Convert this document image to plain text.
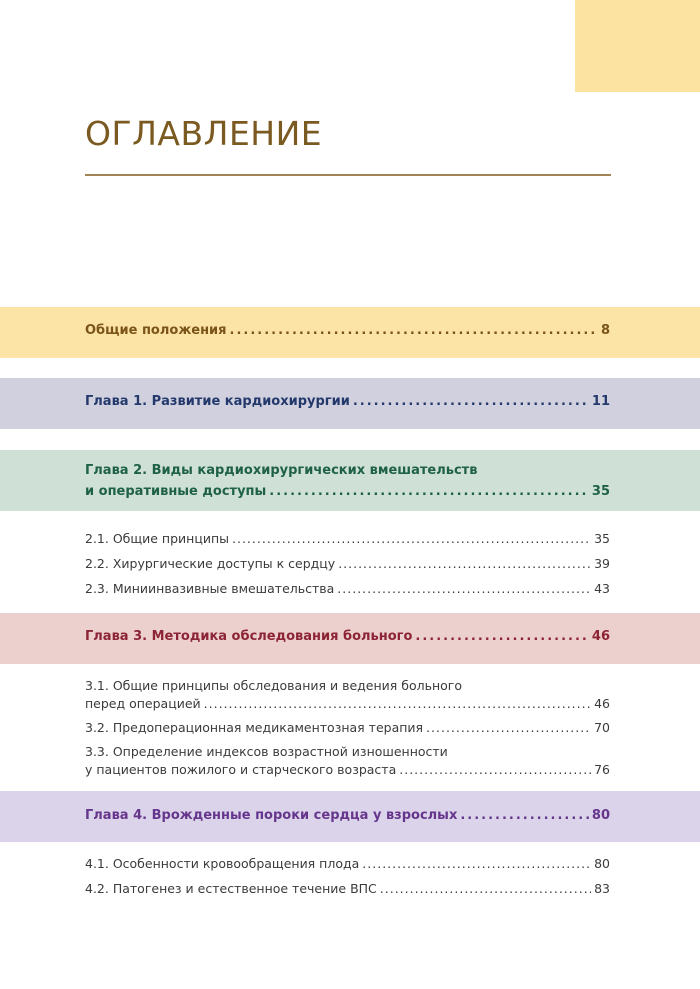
ОГЛАВЛЕНИЕ
Общие положения .....	8
Глава 1. Развитие кардиохирургии .....	11
Глава 2. Виды кардиохирургических вмешательств
и оперативные доступы .....	35
2.1. Общие принципы .....	35
2.2. Хирургические доступы к сердцу .....	39
2.3. Миниинвазивные вмешательства .....	43
Глава 3. Методика обследования больного .....	46
3.1. Общие принципы обследования и ведения больного
перед операцией .....	46
3.2. Предоперационная медикаментозная терапия .....	70
3.3. Определение индексов возрастной изношенности
у пациентов пожилого и старческого возраста .....	76
Глава 4. Врожденные пороки сердца у взрослых .....	80
4.1. Особенности кровообращения плода .....	80
4.2. Патогенез и естественное течение ВПС .....	83
